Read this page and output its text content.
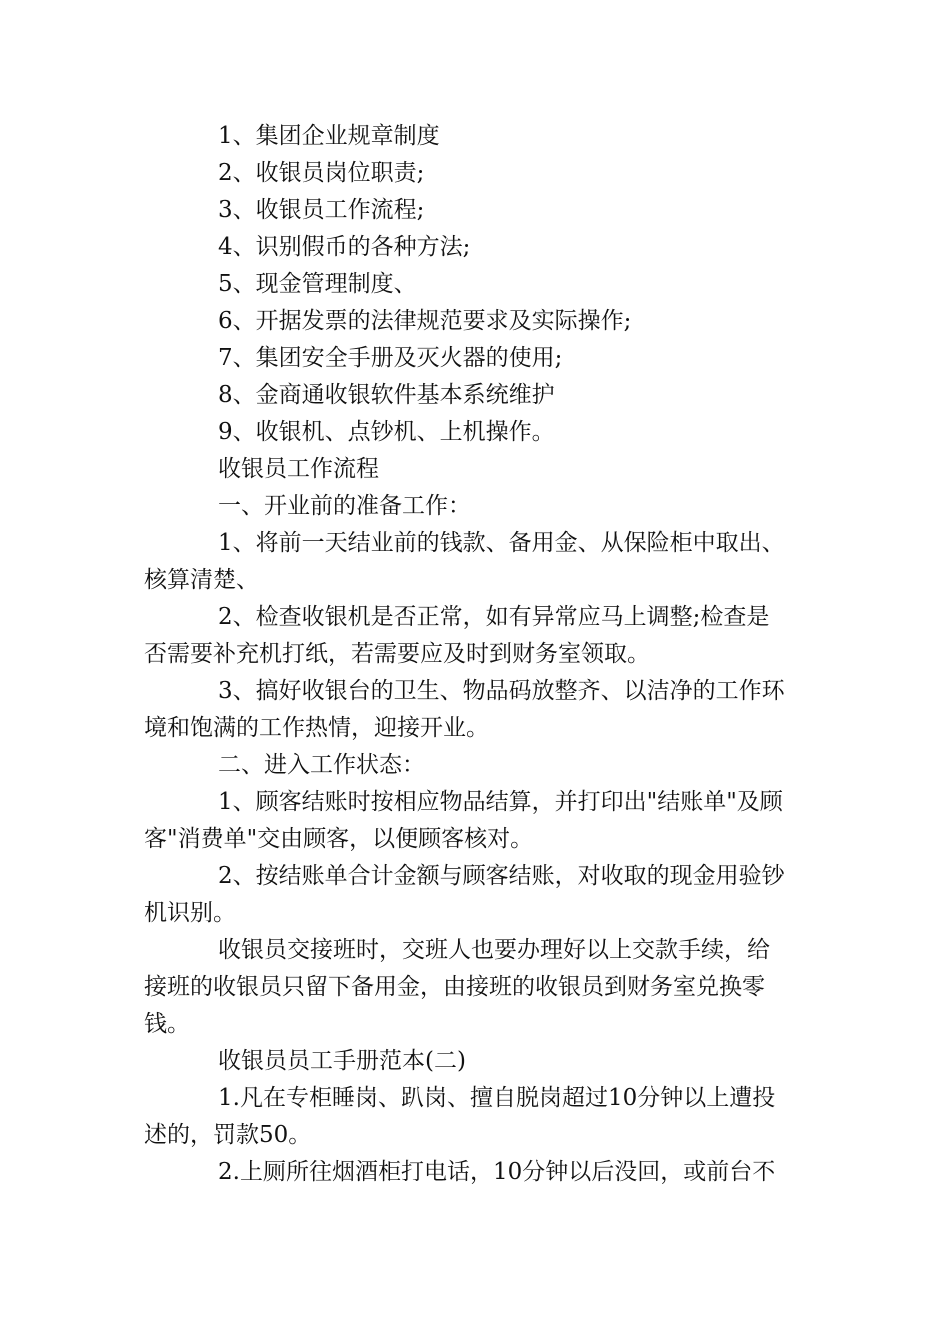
1、集团企业规章制度

2、收银员岗位职责;

3、收银员工作流程;

4、识别假币的各种方法;

5、现金管理制度、

6、开据发票的法律规范要求及实际操作;

7、集团安全手册及灭火器的使用;

8、金商通收银软件基本系统维护

9、收银机、点钞机、上机操作。

收银员工作流程

一、开业前的准备工作：

1、将前一天结业前的钱款、备用金、从保险柜中取出、

核算清楚、

2、检查收银机是否正常，如有异常应马上调整;检查是

否需要补充机打纸，若需要应及时到财务室领取。

3、搞好收银台的卫生、物品码放整齐、以洁净的工作环

境和饱满的工作热情，迎接开业。

二、进入工作状态：

1、顾客结账时按相应物品结算，并打印出"结账单"及顾

客"消费单"交由顾客，以便顾客核对。

2、按结账单合计金额与顾客结账，对收取的现金用验钞

机识别。

收银员交接班时，交班人也要办理好以上交款手续，给

接班的收银员只留下备用金，由接班的收银员到财务室兑换零

钱。

收银员员工手册范本(二)

1.凡在专柜睡岗、趴岗、擅自脱岗超过10分钟以上遭投

述的，罚款50。

2.上厕所往烟酒柜打电话，10分钟以后没回，或前台不
